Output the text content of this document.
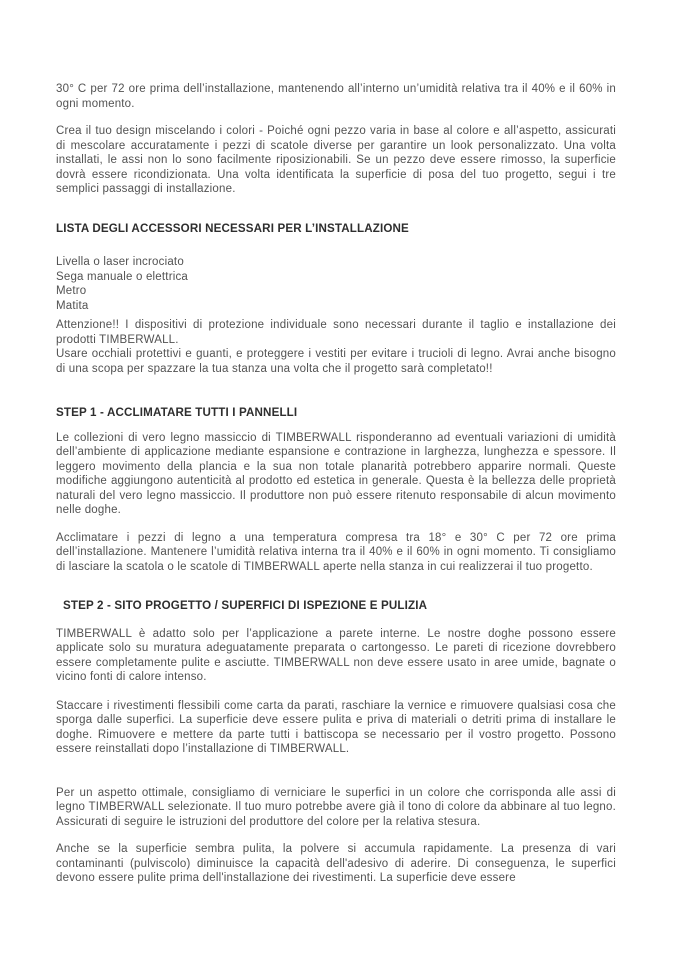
30° C per 72 ore prima dell’installazione, mantenendo all’interno un’umidità relativa tra il 40% e il 60% in ogni momento.

Crea il tuo design miscelando i colori - Poiché ogni pezzo varia in base al colore e all’aspetto, assicurati di mescolare accuratamente i pezzi di scatole diverse per garantire un look personalizzato. Una volta installati, le assi non lo sono facilmente riposizionabili. Se un pezzo deve essere rimosso, la superficie dovrà essere ricondizionata. Una volta identificata la superficie di posa del tuo progetto, segui i tre semplici passaggi di installazione.

LISTA DEGLI ACCESSORI NECESSARI PER L’INSTALLAZIONE

Livella o laser incrociato
Sega manuale o elettrica
Metro
Matita

Attenzione!! I dispositivi di protezione individuale sono necessari durante il taglio e installazione dei prodotti TIMBERWALL.

Usare occhiali protettivi e guanti, e proteggere i vestiti per evitare i trucioli di legno. Avrai anche bisogno di una scopa per spazzare la tua stanza una volta che il progetto sarà completato!!

STEP 1 - ACCLIMATARE TUTTI I PANNELLI

Le collezioni di vero legno massiccio di TIMBERWALL risponderanno ad eventuali variazioni di umidità dell’ambiente di applicazione mediante espansione e contrazione in larghezza, lunghezza e spessore. Il leggero movimento della plancia e la sua non totale planarità potrebbero apparire normali. Queste modifiche aggiungono autenticità al prodotto ed estetica in generale. Questa è la bellezza delle proprietà naturali del vero legno massiccio. Il produttore non può essere ritenuto responsabile di alcun movimento nelle doghe.

Acclimatare i pezzi di legno a una temperatura compresa tra 18° e 30° C per 72 ore prima dell’installazione. Mantenere l’umidità relativa interna tra il 40% e il 60% in ogni momento. Ti consigliamo di lasciare la scatola o le scatole di TIMBERWALL aperte nella stanza in cui realizzerai il tuo progetto.

STEP 2 - SITO PROGETTO / SUPERFICI DI ISPEZIONE E PULIZIA

TIMBERWALL è adatto solo per l’applicazione a parete interne. Le nostre doghe possono essere applicate solo su muratura adeguatamente preparata o cartongesso. Le pareti di ricezione dovrebbero essere completamente pulite e asciutte. TIMBERWALL non deve essere usato in aree umide, bagnate o vicino fonti di calore intenso.

Staccare i rivestimenti flessibili come carta da parati, raschiare la vernice e rimuovere qualsiasi cosa che sporga dalle superfici. La superficie deve essere pulita e priva di materiali o detriti prima di installare le doghe. Rimuovere e mettere da parte tutti i battiscopa se necessario per il vostro progetto. Possono essere reinstallati dopo l’installazione di TIMBERWALL.

Per un aspetto ottimale, consigliamo di verniciare le superfici in un colore che corrisponda alle assi di legno TIMBERWALL selezionate. Il tuo muro potrebbe avere già il tono di colore da abbinare al tuo legno. Assicurati di seguire le istruzioni del produttore del colore per la relativa stesura.

Anche se la superficie sembra pulita, la polvere si accumula rapidamente. La presenza di vari contaminanti (pulviscolo) diminuisce la capacità dell'adesivo di aderire. Di conseguenza, le superfici devono essere pulite prima dell'installazione dei rivestimenti. La superficie deve essere
